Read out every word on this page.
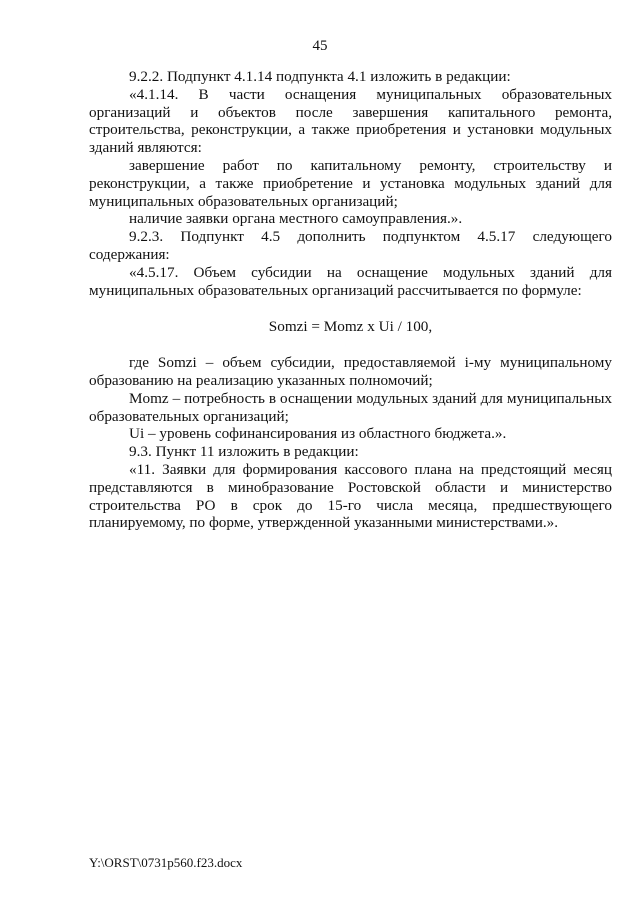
45

9.2.2. Подпункт 4.1.14 подпункта 4.1 изложить в редакции:

«4.1.14. В части оснащения муниципальных образовательных организаций и объектов после завершения капитального ремонта, строительства, реконструкции, а также приобретения и установки модульных зданий являются:

завершение работ по капитальному ремонту, строительству и реконструкции, а также приобретение и установка модульных зданий для муниципальных образовательных организаций;

наличие заявки органа местного самоуправления.».

9.2.3. Подпункт 4.5 дополнить подпунктом 4.5.17 следующего содержания:

«4.5.17. Объем субсидии на оснащение модульных зданий для муниципальных образовательных организаций рассчитывается по формуле:

Somzi = Momz x Ui / 100,

где Somzi – объем субсидии, предоставляемой i-му муниципальному образованию на реализацию указанных полномочий;

Momz – потребность в оснащении модульных зданий для муниципальных образовательных организаций;

Ui – уровень софинансирования из областного бюджета.».

9.3. Пункт 11 изложить в редакции:

«11. Заявки для формирования кассового плана на предстоящий месяц представляются в минобразование Ростовской области и министерство строительства РО в срок до 15-го числа месяца, предшествующего планируемому, по форме, утвержденной указанными министерствами.».

Y:\ORST\0731p560.f23.docx
